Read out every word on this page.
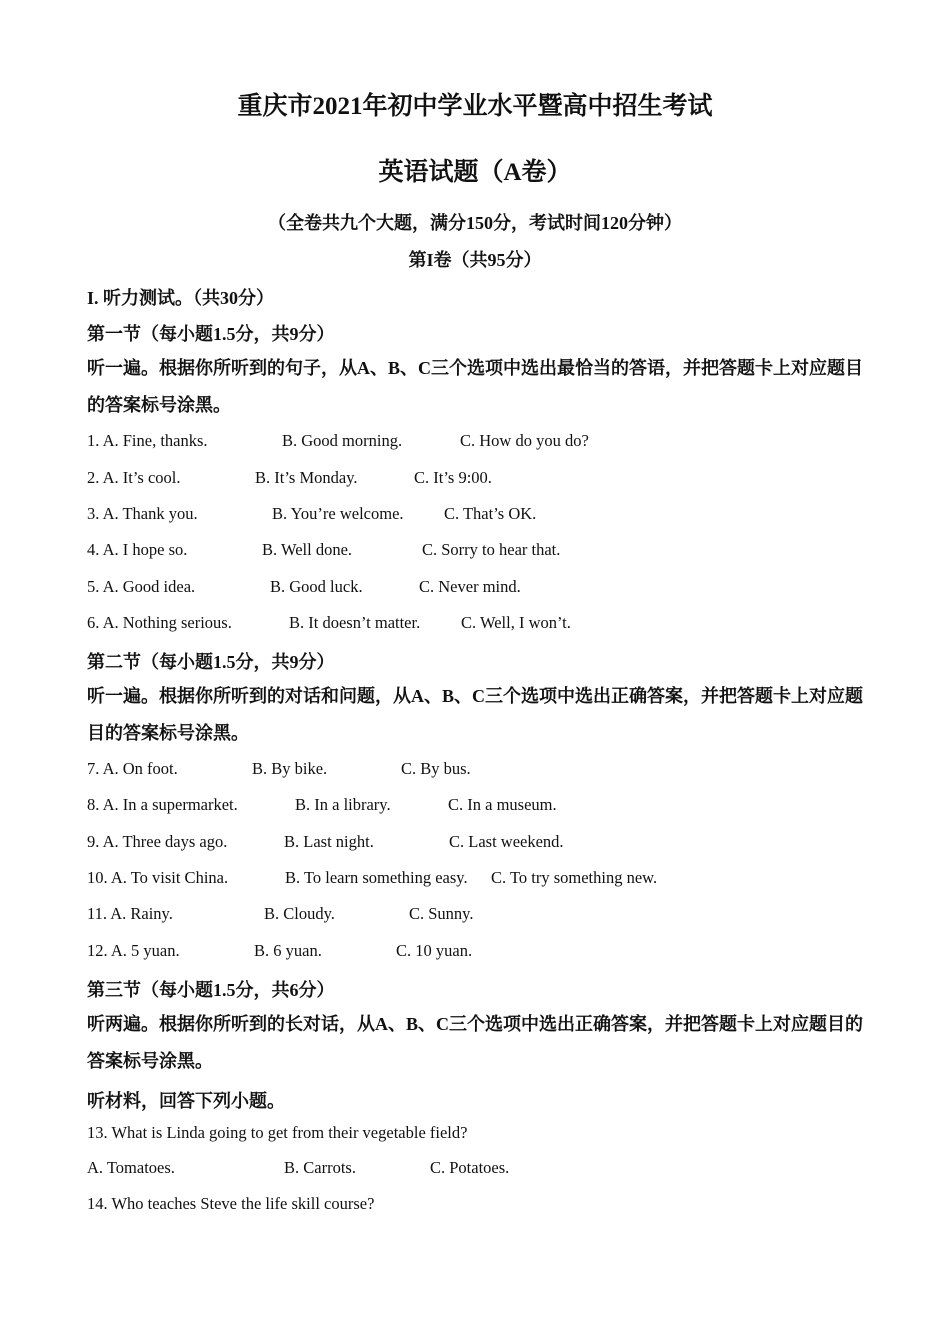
重庆市2021年初中学业水平暨高中招生考试
英语试题（A卷）
（全卷共九个大题，满分150分，考试时间120分钟）
第I卷（共95分）
I. 听力测试。（共30分）
第一节（每小题1.5分，共9分）
听一遍。根据你所听到的句子，从A、B、C三个选项中选出最恰当的答语，并把答题卡上对应题目的答案标号涂黑。
1. A. Fine, thanks.	B. Good morning.	C. How do you do?
2. A. It’s cool.	B. It’s Monday.	C. It’s 9:00.
3. A. Thank you.	B. You’re welcome. C. That’s OK.
4. A. I hope so.	B. Well done.	C. Sorry to hear that.
5. A. Good idea.	B. Good luck.	C. Never mind.
6. A. Nothing serious.	B. It doesn’t matter. C. Well, I won’t.
第二节（每小题1.5分，共9分）
听一遍。根据你所听到的对话和问题，从A、B、C三个选项中选出正确答案，并把答题卡上对应题目的答案标号涂黑。
7. A. On foot.	B. By bike.	C. By bus.
8. A. In a supermarket.	B. In a library.	C. In a museum.
9. A. Three days ago.	B. Last night.	C. Last weekend.
10. A. To visit China.	B. To learn something easy. C. To try something new.
11. A. Rainy.	B. Cloudy.	C. Sunny.
12. A. 5 yuan.	B. 6 yuan.	C. 10 yuan.
第三节（每小题1.5分，共6分）
听两遍。根据你所听到的长对话，从A、B、C三个选项中选出正确答案，并把答题卡上对应题目的答案标号涂黑。
听材料，回答下列小题。
13. What is Linda going to get from their vegetable field?
A. Tomatoes.	B. Carrots.	C. Potatoes.
14. Who teaches Steve the life skill course?
